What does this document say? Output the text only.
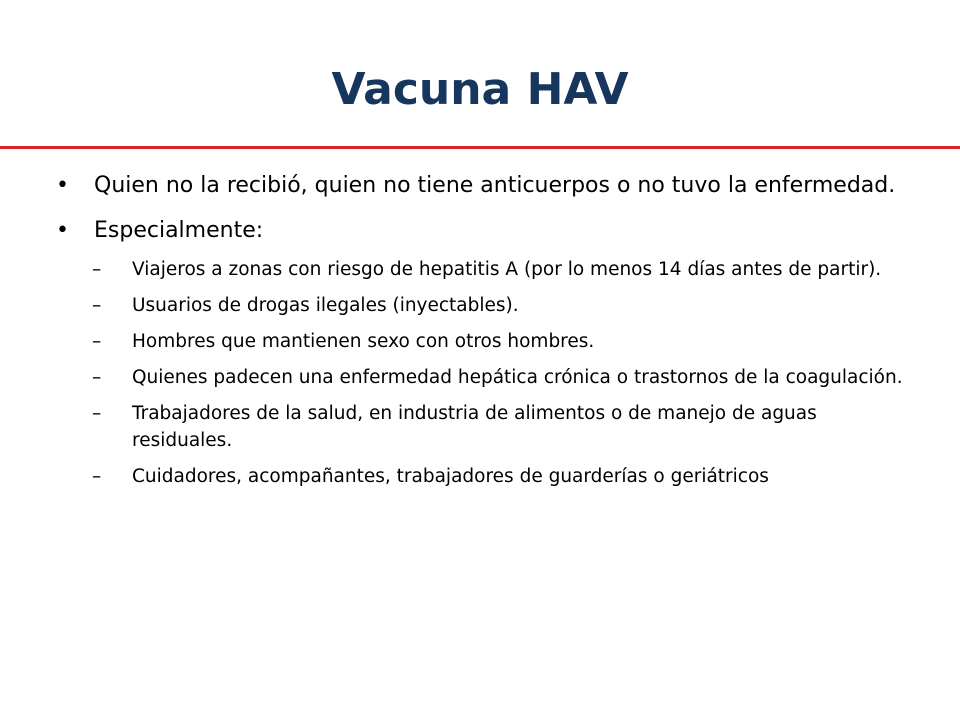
Vacuna HAV
•	Quien no la recibió, quien no tiene anticuerpos o no tuvo la enfermedad.
•	Especialmente:
– Viajeros a zonas con riesgo de hepatitis A (por lo menos 14 días antes de partir).
– Usuarios de drogas ilegales (inyectables).
– Hombres que mantienen sexo con otros hombres.
– Quienes padecen una enfermedad hepática crónica o trastornos de la coagulación.
– Trabajadores de la salud, en industria de alimentos o de manejo de aguas residuales.
– Cuidadores, acompañantes, trabajadores de guarderías o geriátricos
